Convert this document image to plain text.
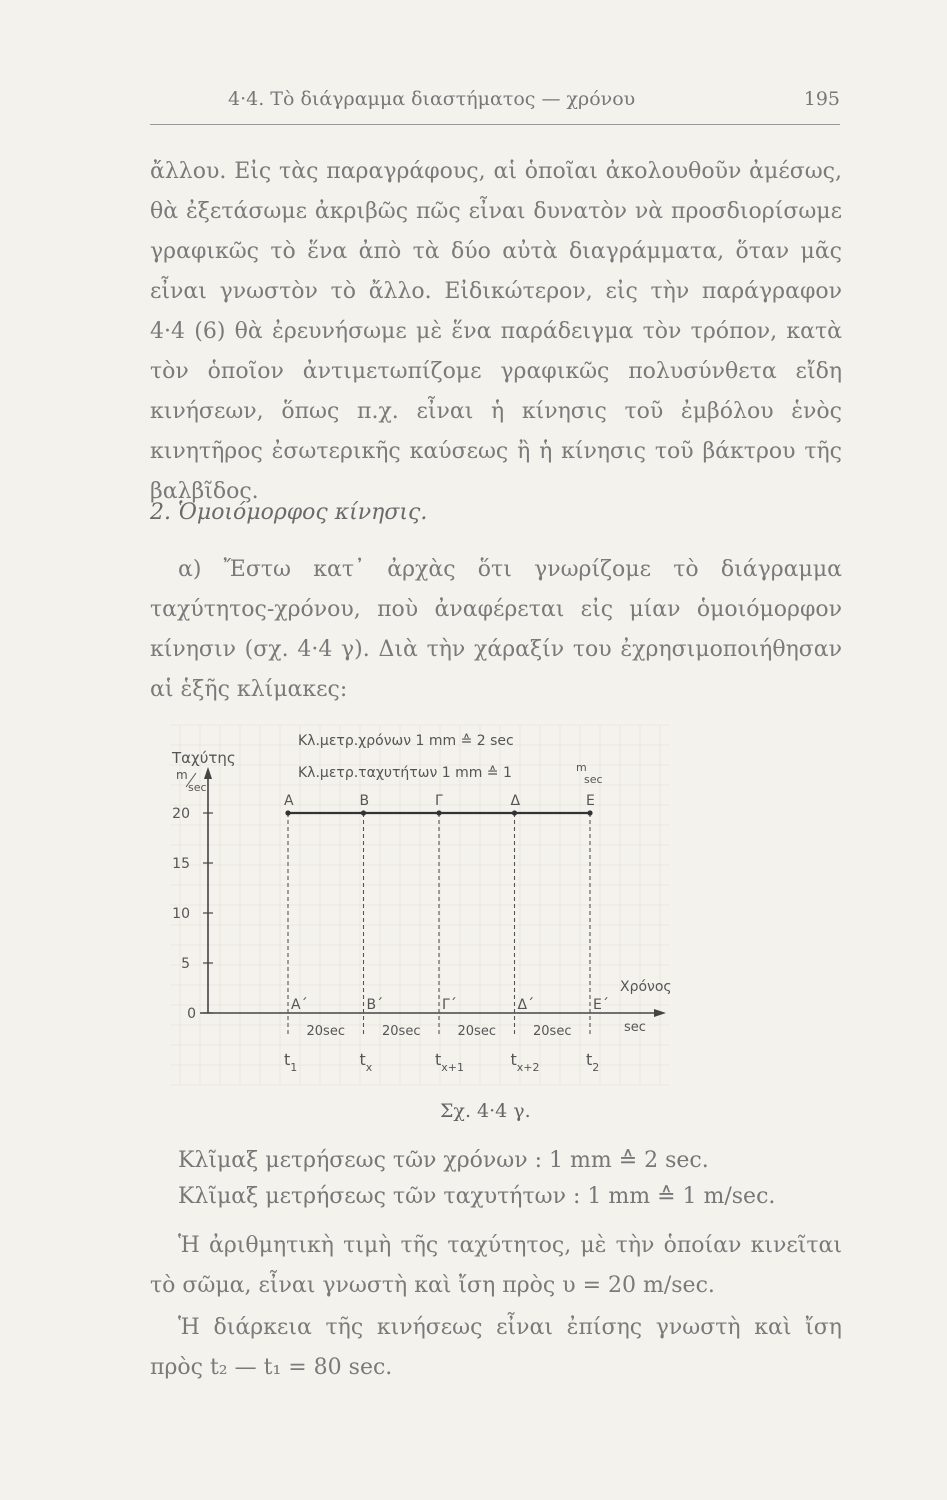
4·4. Τὸ διάγραμμα διαστήματος — χρόνου	195

ἄλλου. Εἰς τὰς παραγράφους, αἱ ὁποῖαι ἀκολουθοῦν ἀμέσως, θὰ ἐξετάσωμε ἀκριβῶς πῶς εἶναι δυνατὸν νὰ προσδιορίσωμε γραφικῶς τὸ ἕνα ἀπὸ τὰ δύο αὐτὰ διαγράμματα, ὅταν μᾶς εἶναι γνωστὸν τὸ ἄλλο. Εἰδικώτερον, εἰς τὴν παράγραφον 4·4 (6) θὰ ἐρευνήσωμε μὲ ἕνα παράδειγμα τὸν τρόπον, κατὰ τὸν ὁποῖον ἀντιμετωπίζομε γραφικῶς πολυσύνθετα εἴδη κινήσεων, ὅπως π.χ. εἶναι ἡ κίνησις τοῦ ἐμβόλου ἑνὸς κινητῆρος ἐσωτερικῆς καύσεως ἢ ἡ κίνησις τοῦ βάκτρου τῆς βαλβῖδος.

2. Ὁμοιόμορφος κίνησις.

α) Ἔστω κατ᾽ ἀρχὰς ὅτι γνωρίζομε τὸ διάγραμμα ταχύτητος-χρόνου, ποὺ ἀναφέρεται εἰς μίαν ὁμοιόμορφον κίνησιν (σχ. 4·4 γ). Διὰ τὴν χάραξίν του ἐχρησιμοποιήθησαν αἱ ἑξῆς κλίμακες:

Ταχύτης
m
sec
Κλ.μετρ.χρόνων 1 mm ≙ 2 sec
Κλ.μετρ.ταχυτήτων 1 mm ≙ 1	m
sec
Χρόνος
sec
0
5
10
15
20
Α
Α΄
$t_1$
Β
Β΄
$t_x$
Γ
Γ΄
$t_{x+1}$
Δ
Δ΄
$t_{x+2}$
Ε
Ε΄
$t_2$
20sec	20sec	20sec	20sec
Σχ. 4·4 γ.

Κλῖμαξ μετρήσεως τῶν χρόνων : 1 mm ≙ 2 sec.

Κλῖμαξ μετρήσεως τῶν ταχυτήτων : 1 mm ≙ 1 m/sec.

Ἡ ἀριθμητικὴ τιμὴ τῆς ταχύτητος, μὲ τὴν ὁποίαν κινεῖται τὸ σῶμα, εἶναι γνωστὴ καὶ ἴση πρὸς υ = 20 m/sec.

Ἡ διάρκεια τῆς κινήσεως εἶναι ἐπίσης γνωστὴ καὶ ἴση πρὸς t₂ — t₁ = 80 sec.
